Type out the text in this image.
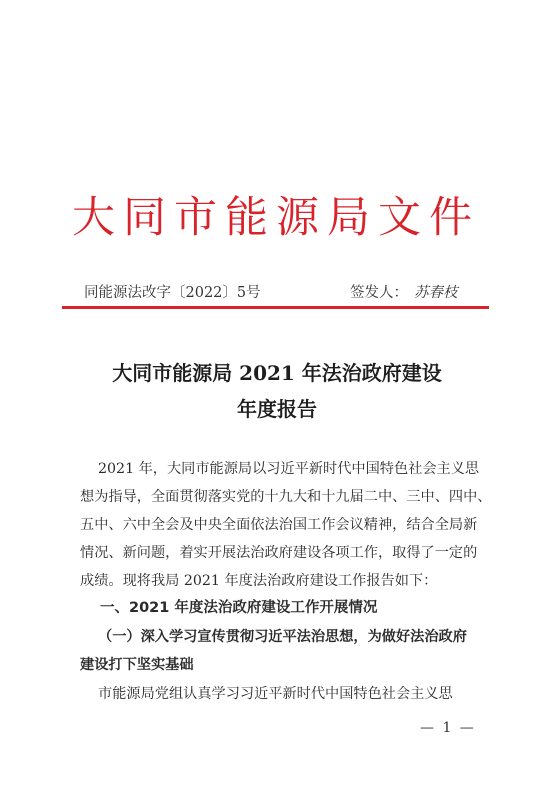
大同市能源局文件
同能源法改字〔2022〕5号	签发人： 苏春枝
大同市能源局 2021 年法治政府建设
年度报告
2021 年，大同市能源局以习近平新时代中国特色社会主义思
想为指导，全面贯彻落实党的十九大和十九届二中、三中、四中、
五中、六中全会及中央全面依法治国工作会议精神，结合全局新
情况、新问题，着实开展法治政府建设各项工作，取得了一定的
成绩。现将我局 2021 年度法治政府建设工作报告如下：
一、2021 年度法治政府建设工作开展情况
（一）深入学习宣传贯彻习近平法治思想，为做好法治政府
建设打下坚实基础
市能源局党组认真学习习近平新时代中国特色社会主义思
— 1 —
